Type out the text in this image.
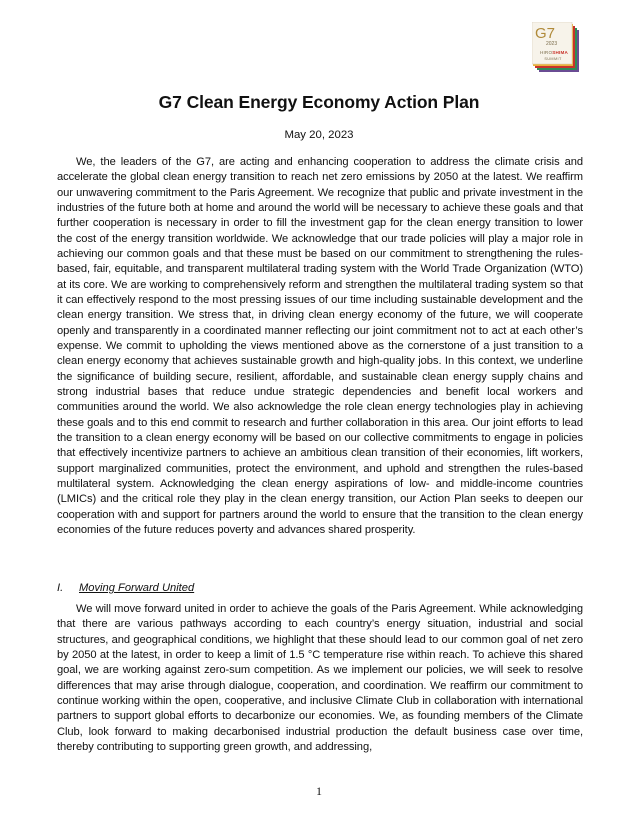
G7
2023
HIROSHIMA
SUMMIT
G7 Clean Energy Economy Action Plan
May 20, 2023

We, the leaders of the G7, are acting and enhancing cooperation to address the climate crisis and accelerate the global clean energy transition to reach net zero emissions by 2050 at the latest. We reaffirm our unwavering commitment to the Paris Agreement. We recognize that public and private investment in the industries of the future both at home and around the world will be necessary to achieve these goals and that further cooperation is necessary in order to fill the investment gap for the clean energy transition to lower the cost of the energy transition worldwide. We acknowledge that our trade policies will play a major role in achieving our common goals and that these must be based on our commitment to strengthening the rules-based, fair, equitable, and transparent multilateral trading system with the World Trade Organization (WTO) at its core. We are working to comprehensively reform and strengthen the multilateral trading system so that it can effectively respond to the most pressing issues of our time including sustainable development and the clean energy transition. We stress that, in driving clean energy economy of the future, we will cooperate openly and transparently in a coordinated manner reflecting our joint commitment not to act at each other’s expense. We commit to upholding the views mentioned above as the cornerstone of a just transition to a clean energy economy that achieves sustainable growth and high-quality jobs. In this context, we underline the significance of building secure, resilient, affordable, and sustainable clean energy supply chains and strong industrial bases that reduce undue strategic dependencies and benefit local workers and communities around the world. We also acknowledge the role clean energy technologies play in achieving these goals and to this end commit to research and further collaboration in this area. Our joint efforts to lead the transition to a clean energy economy will be based on our collective commitments to engage in policies that effectively incentivize partners to achieve an ambitious clean transition of their economies, lift workers, support marginalized communities, protect the environment, and uphold and strengthen the rules-based multilateral system. Acknowledging the clean energy aspirations of low- and middle-income countries (LMICs) and the critical role they play in the clean energy transition, our Action Plan seeks to deepen our cooperation with and support for partners around the world to ensure that the transition to the clean energy economies of the future reduces poverty and advances shared prosperity.

I. Moving Forward United

We will move forward united in order to achieve the goals of the Paris Agreement. While acknowledging that there are various pathways according to each country’s energy situation, industrial and social structures, and geographical conditions, we highlight that these should lead to our common goal of net zero by 2050 at the latest, in order to keep a limit of 1.5 °C temperature rise within reach. To achieve this shared goal, we are working against zero-sum competition. As we implement our policies, we will seek to resolve differences that may arise through dialogue, cooperation, and coordination. We reaffirm our commitment to continue working within the open, cooperative, and inclusive Climate Club in collaboration with international partners to support global efforts to decarbonize our economies. We, as founding members of the Climate Club, look forward to making decarbonised industrial production the default business case over time, thereby contributing to supporting green growth, and addressing,

1
